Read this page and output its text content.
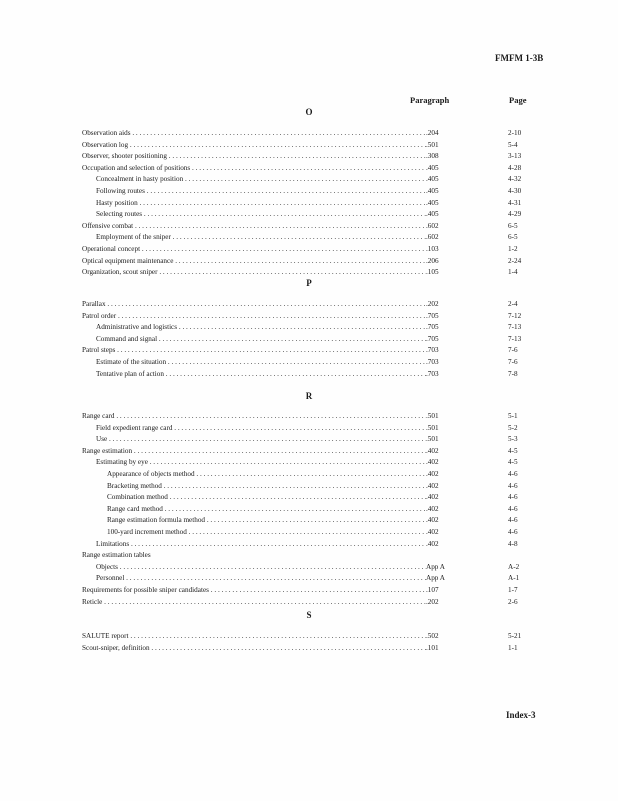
FMFM 1-3B
Paragraph	Page
O
P
R
S
Observation aids . . .	.204	2-10
Observation log . . .	.501	5-4
Observer, shooter positioning . . .	.308	3-13
Occupation and selection of positions . . .	.405	4-28
Concealment in hasty position . . .	.405	4-32
Following routes . . .	.405	4-30
Hasty position . . .	.405	4-31
Selecting routes . . .	.405	4-29
Offensive combat . . .	.602	6-5
Employment of the sniper . . .	.602	6-5
Operational concept . . .	.103	1-2
Optical equipment maintenance . . .	.206	2-24
Organization, scout sniper . . .	.105	1-4
Parallax . . .	.202	2-4
Patrol order . . .	.705	7-12
Administrative and logistics . . .	.705	7-13
Command and signal . . .	.705	7-13
Patrol steps . . .	.703	7-6
Estimate of the situation . . .	.703	7-6
Tentative plan of action . . .	.703	7-8
Range card . . .	.501	5-1
Field expedient range card . . .	.501	5-2
Use . . .	.501	5-3
Range estimation . . .	.402	4-5
Estimating by eye . . .	.402	4-5
Appearance of objects method . . .	.402	4-6
Bracketing method . . .	.402	4-6
Combination method . . .	.402	4-6
Range card method . . .	.402	4-6
Range estimation formula method . . .	.402	4-6
100-yard increment method . . .	.402	4-6
Limitations . . .	.402	4-8
Range estimation tables
Objects . . .	App A	A-2
Personnel . . .	App A	A-1
Requirements for possible sniper candidates . . .	.107	1-7
Reticle . . .	.202	2-6
SALUTE report . . .	.502	5-21
Scout-sniper, definition . . .	.101	1-1
Index-3
